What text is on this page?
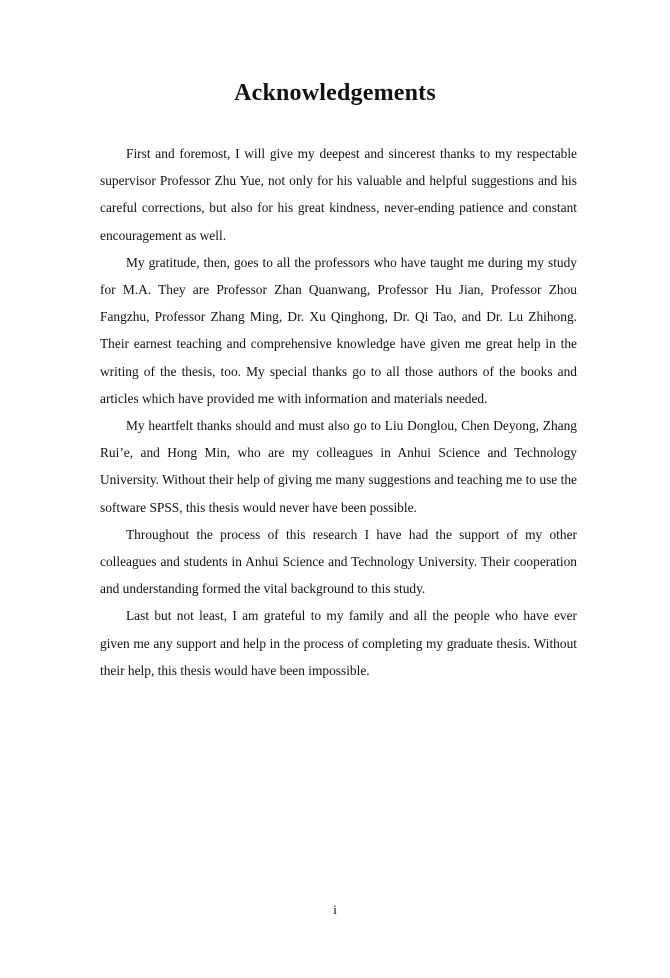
Acknowledgements

First and foremost, I will give my deepest and sincerest thanks to my respectable supervisor Professor Zhu Yue, not only for his valuable and helpful suggestions and his careful corrections, but also for his great kindness, never-ending patience and constant encouragement as well.

My gratitude, then, goes to all the professors who have taught me during my study for M.A. They are Professor Zhan Quanwang, Professor Hu Jian, Professor Zhou Fangzhu, Professor Zhang Ming, Dr. Xu Qinghong, Dr. Qi Tao, and Dr. Lu Zhihong. Their earnest teaching and comprehensive knowledge have given me great help in the writing of the thesis, too. My special thanks go to all those authors of the books and articles which have provided me with information and materials needed.

My heartfelt thanks should and must also go to Liu Donglou, Chen Deyong, Zhang Rui’e, and Hong Min, who are my colleagues in Anhui Science and Technology University. Without their help of giving me many suggestions and teaching me to use the software SPSS, this thesis would never have been possible.

Throughout the process of this research I have had the support of my other colleagues and students in Anhui Science and Technology University. Their cooperation and understanding formed the vital background to this study.

Last but not least, I am grateful to my family and all the people who have ever given me any support and help in the process of completing my graduate thesis. Without their help, this thesis would have been impossible.

i
